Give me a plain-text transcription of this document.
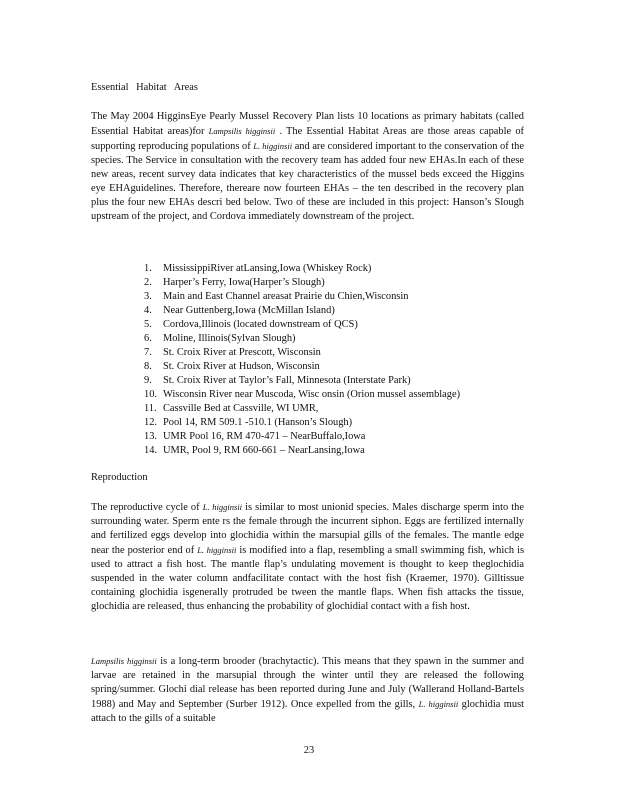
Essential Habitat Areas

The May 2004 HigginsEye Pearly Mussel Recovery Plan lists 10 locations as primary habitats (called Essential Habitat areas)for Lampsilis higginsii . The Essential Habitat Areas are those areas capable of supporting reproducing populations of L. higginsii and are considered important to the conservation of the species. The Service in consultation with the recovery team has added four new EHAs.In each of these new areas, recent survey data indicates that key characteristics of the mussel beds exceed the Higgins eye EHAguidelines. Therefore, thereare now fourteen EHAs – the ten described in the recovery plan plus the four new EHAs descri bed below. Two of these are included in this project: Hanson’s Slough upstream of the project, and Cordova immediately downstream of the project.

1. MississippiRiver atLansing,Iowa (Whiskey Rock)
2. Harper’s Ferry, Iowa(Harper’s Slough)
3. Main and East Channel areasat Prairie du Chien,Wisconsin
4. Near Guttenberg,Iowa (McMillan Island)
5. Cordova,Illinois (located downstream of QCS)
6. Moline, Illinois(Sylvan Slough)
7. St. Croix River at Prescott, Wisconsin
8. St. Croix River at Hudson, Wisconsin
9. St. Croix River at Taylor’s Fall, Minnesota (Interstate Park)
10. Wisconsin River near Muscoda, Wisc onsin (Orion mussel assemblage)
11. Cassville Bed at Cassville, WI UMR,
12. Pool 14, RM 509.1 -510.1 (Hanson’s Slough)
13. UMR Pool 16, RM 470-471 – NearBuffalo,Iowa
14. UMR, Pool 9, RM 660-661 – NearLansing,Iowa
Reproduction

The reproductive cycle of L. higginsii is similar to most unionid species. Males discharge sperm into the surrounding water. Sperm ente rs the female through the incurrent siphon. Eggs are fertilized internally and fertilized eggs develop into glochidia within the marsupial gills of the females. The mantle edge near the posterior end of L. higginsii is modified into a flap, resembling a small swimming fish, which is used to attract a fish host. The mantle flap’s undulating movement is thought to keep theglochidia suspended in the water column andfacilitate contact with the host fish (Kraemer, 1970). Gilltissue containing glochidia isgenerally protruded be tween the mantle flaps. When fish attacks the tissue, glochidia are released, thus enhancing the probability of glochidial contact with a fish host.

Lampsilis higginsii is a long-term brooder (brachytactic). This means that they spawn in the summer and larvae are retained in the marsupial through the winter until they are released the following spring/summer. Glochi dial release has been reported during June and July (Wallerand Holland-Bartels 1988) and May and September (Surber 1912). Once expelled from the gills, L. higginsii glochidia must attach to the gills of a suitable

23
